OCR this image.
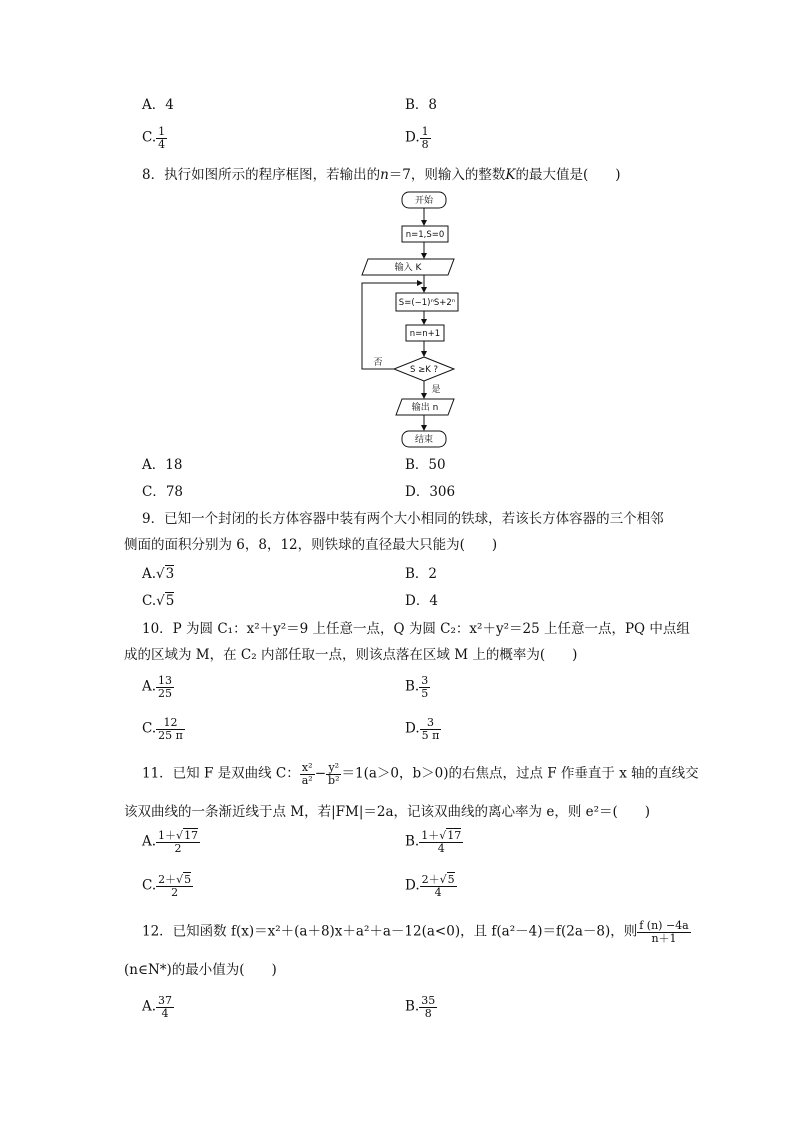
A．4	B．8
C. $\frac{1}{4}$	D. $\frac{1}{8}$
8．执行如图所示的程序框图，若输出的n＝7，则输入的整数K的最大值是(　　)
开始
n=1,S=0
输入 K
S=(−1)ⁿS+2ⁿ
n=n+1
S ≥K ?
否
是
输出 n
结束
A．18	B．50
C．78	D．306
9．已知一个封闭的长方体容器中装有两个大小相同的铁球，若该长方体容器的三个相邻
侧面的面积分别为 6，8，12，则铁球的直径最大只能为(　　)
A.√3	B．2
C.√5	D．4
10．P 为圆 C₁：x²＋y²＝9 上任意一点，Q 为圆 C₂：x²＋y²＝25 上任意一点，PQ 中点组
成的区域为 M，在 C₂ 内部任取一点，则该点落在区域 M 上的概率为(　　)
A. $\frac{13}{25}$	B. $\frac{3}{5}$
C. $\frac{12}{25 \pi}$	D. $\frac{3}{5 \pi}$
11．已知 F 是双曲线 C： $\frac{\text{x²}}{\text{a²}} - \frac{\text{y²}}{\text{b²}} =1(a>0$，b＞0)的右焦点，过点 F 作垂直于 x 轴的直线交
该双曲线的一条渐近线于点 M，若|FM|＝2a，记该双曲线的离心率为 e，则 e²＝(　　)
A. $\frac{1+√17}{2}$	B. $\frac{1+√17}{4}$
C. $\frac{2+√5}{2}$	D. $\frac{2+√5}{4}$
12．已知函数 f(x)＝x²＋(a＋8)x＋a²＋a－12(a<0)，且 f(a²－4)＝f(2a－8)，则 $\frac{f (n) -4a}{n+1}$
(n∈N*)的最小值为(　　)
A. $\frac{37}{4}$	B. $\frac{35}{8}$
